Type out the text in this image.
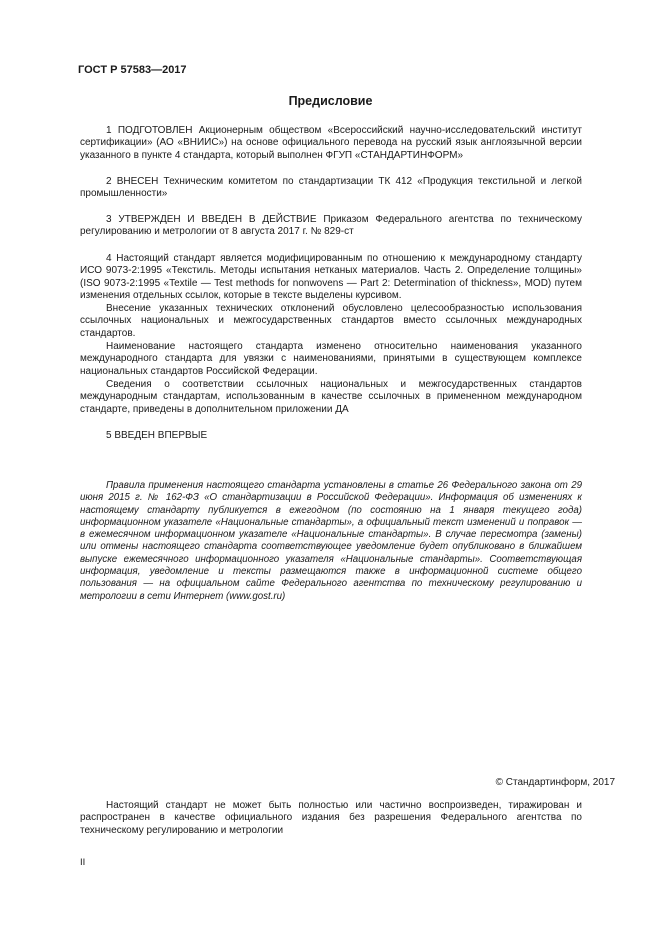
ГОСТ Р 57583—2017
Предисловие
1 ПОДГОТОВЛЕН Акционерным обществом «Всероссийский научно-исследовательский институт сертификации» (АО «ВНИИС») на основе официального перевода на русский язык англоязычной версии указанного в пункте 4 стандарта, который выполнен ФГУП «СТАНДАРТИНФОРМ»
2 ВНЕСЕН Техническим комитетом по стандартизации ТК 412 «Продукция текстильной и легкой промышленности»
3 УТВЕРЖДЕН И ВВЕДЕН В ДЕЙСТВИЕ Приказом Федерального агентства по техническому регулированию и метрологии от 8 августа 2017 г. № 829-ст
4 Настоящий стандарт является модифицированным по отношению к международному стандарту ИСО 9073-2:1995 «Текстиль. Методы испытания нетканых материалов. Часть 2. Определение толщины» (ISO 9073-2:1995 «Textile — Test methods for nonwovens — Part 2: Determination of thickness», MOD) путем изменения отдельных ссылок, которые в тексте выделены курсивом.
Внесение указанных технических отклонений обусловлено целесообразностью использования ссылочных национальных и межгосударственных стандартов вместо ссылочных международных стандартов.
Наименование настоящего стандарта изменено относительно наименования указанного международного стандарта для увязки с наименованиями, принятыми в существующем комплексе национальных стандартов Российской Федерации.
Сведения о соответствии ссылочных национальных и межгосударственных стандартов международным стандартам, использованным в качестве ссылочных в примененном международном стандарте, приведены в дополнительном приложении ДА
5 ВВЕДЕН ВПЕРВЫЕ
Правила применения настоящего стандарта установлены в статье 26 Федерального закона от 29 июня 2015 г. № 162-ФЗ «О стандартизации в Российской Федерации». Информация об изменениях к настоящему стандарту публикуется в ежегодном (по состоянию на 1 января текущего года) информационном указателе «Национальные стандарты», а официальный текст изменений и поправок — в ежемесячном информационном указателе «Национальные стандарты». В случае пересмотра (замены) или отмены настоящего стандарта соответствующее уведомление будет опубликовано в ближайшем выпуске ежемесячного информационного указателя «Национальные стандарты». Соответствующая информация, уведомление и тексты размещаются также в информационной системе общего пользования — на официальном сайте Федерального агентства по техническому регулированию и метрологии в сети Интернет (www.gost.ru)
© Стандартинформ, 2017
Настоящий стандарт не может быть полностью или частично воспроизведен, тиражирован и распространен в качестве официального издания без разрешения Федерального агентства по техническому регулированию и метрологии
II
